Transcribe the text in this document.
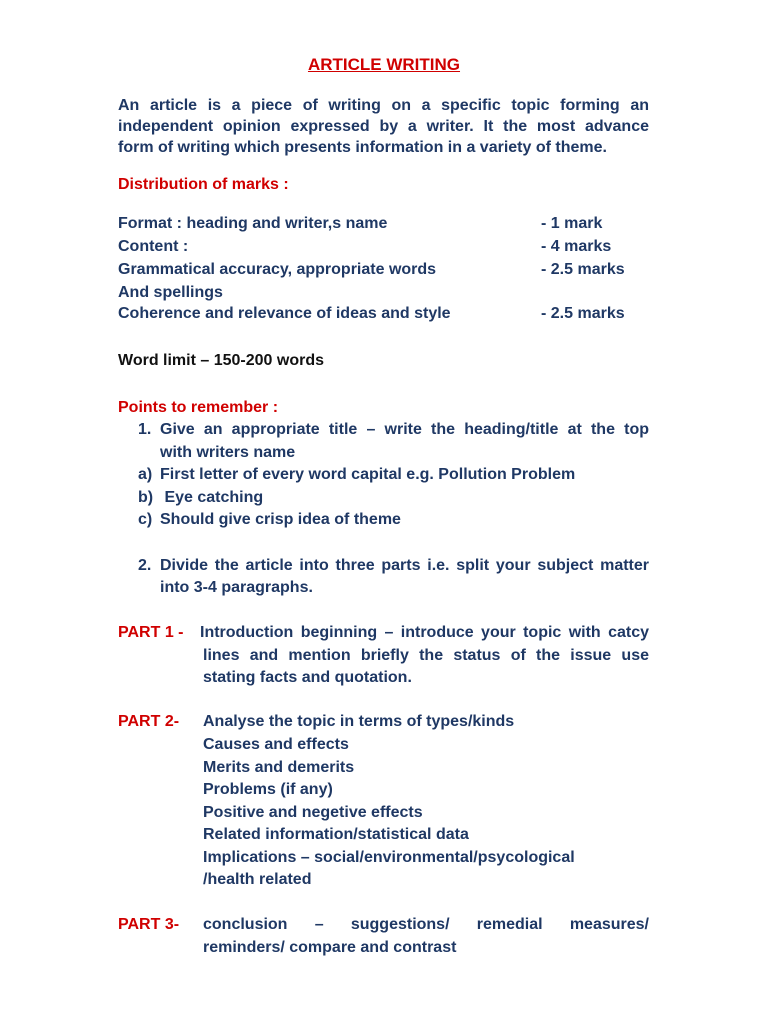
ARTICLE WRITING
An article is a piece of writing on a specific topic forming an
independent opinion expressed by a writer. It the most advance
form of writing which presents information in a variety of theme.
Distribution of marks :
Format : heading and writer,s name	- 1 mark
Content :	- 4 marks
Grammatical accuracy, appropriate words	- 2.5 marks
And spellings
Coherence and relevance of ideas and style	- 2.5 marks
Word limit – 150-200 words
Points to remember :
1. Give an appropriate title – write the heading/title at the top
with writers name
a) First letter of every word capital e.g. Pollution Problem
b) Eye catching
c) Should give crisp idea of theme
2. Divide the article into three parts i.e. split your subject matter
into 3-4 paragraphs.
PART 1 - Introduction beginning – introduce your topic with catcy
lines and mention briefly the status of the issue use
stating facts and quotation.
PART 2- Analyse the topic in terms of types/kinds
Causes and effects
Merits and demerits
Problems (if any)
Positive and negetive effects
Related information/statistical data
Implications – social/environmental/psycological
/health related
PART 3- conclusion – suggestions/ remedial measures/
reminders/ compare and contrast
